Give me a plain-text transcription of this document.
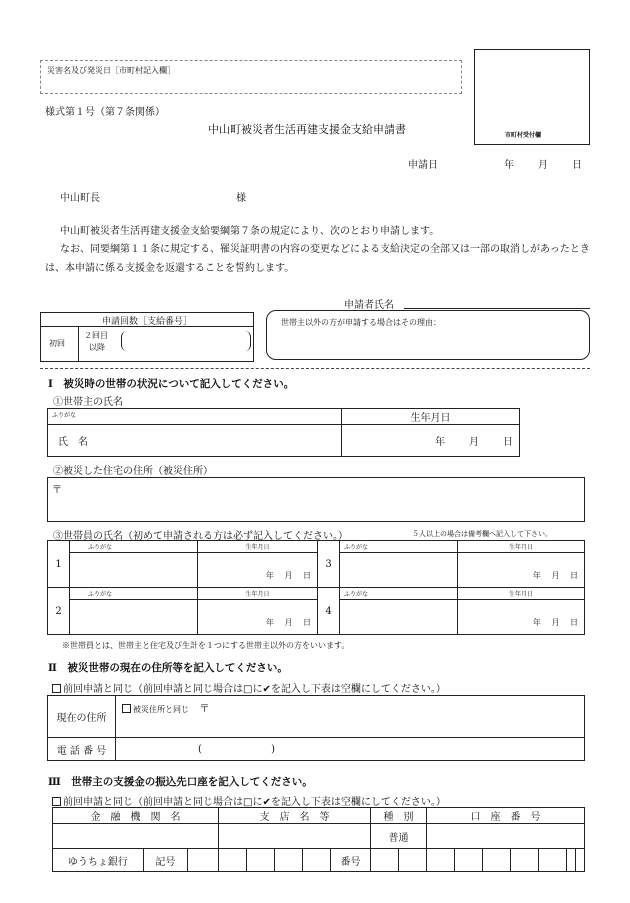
災害名及び発災日［市町村記入欄］
市町村受付欄
様式第１号（第７条関係）
中山町被災者生活再建支援金支給申請書
申請日	年 月 日
中山町長	様
中山町被災者生活再建支援金支給要綱第７条の規定により、次のとおり申請します。
なお、同要綱第１１条に規定する、罹災証明書の内容の変更などによる支給決定の全部又は一部の取消しがあったときは、本申請に係る支援金を返還することを誓約します。
申請者氏名
申請回数［支給番号］
初回
２回目
以降
世帯主以外の方が申請する場合はその理由：
Ⅰ　被災時の世帯の状況について記入してください。
①世帯主の氏名
ふりがな	生年月日
氏　名	年 月 日
②被災した住宅の住所（被災住所）
〒
③世帯員の氏名（初めて申請される方は必ず記入してください。）	５人以上の場合は備考欄へ記入して下さい。
1	ふりがな	生年月日	3	ふりがな	生年月日
		年　 月　 日			年　 月　 日
2	ふりがな	生年月日	4	ふりがな	生年月日
		年　 月　 日			年　 月　 日
※世帯員とは、世帯主と住宅及び生計を１つにする世帯主以外の方をいいます。
Ⅱ　被災世帯の現在の住所等を記入してください。
前回申請と同じ（前回申請と同じ場合は□に✔を記入し下表は空欄にしてください。）
現在の住所	被災住所と同じ 〒
電 話 番 号	( )
Ⅲ　世帯主の支援金の振込先口座を記入してください。
前回申請と同じ（前回申請と同じ場合は□に✔を記入し下表は空欄にしてください。）
金　融　機　関　名			支　店　名　等					種　別		口　座　番　号						
								普通								
ゆうちょ銀行	記号						番号									
